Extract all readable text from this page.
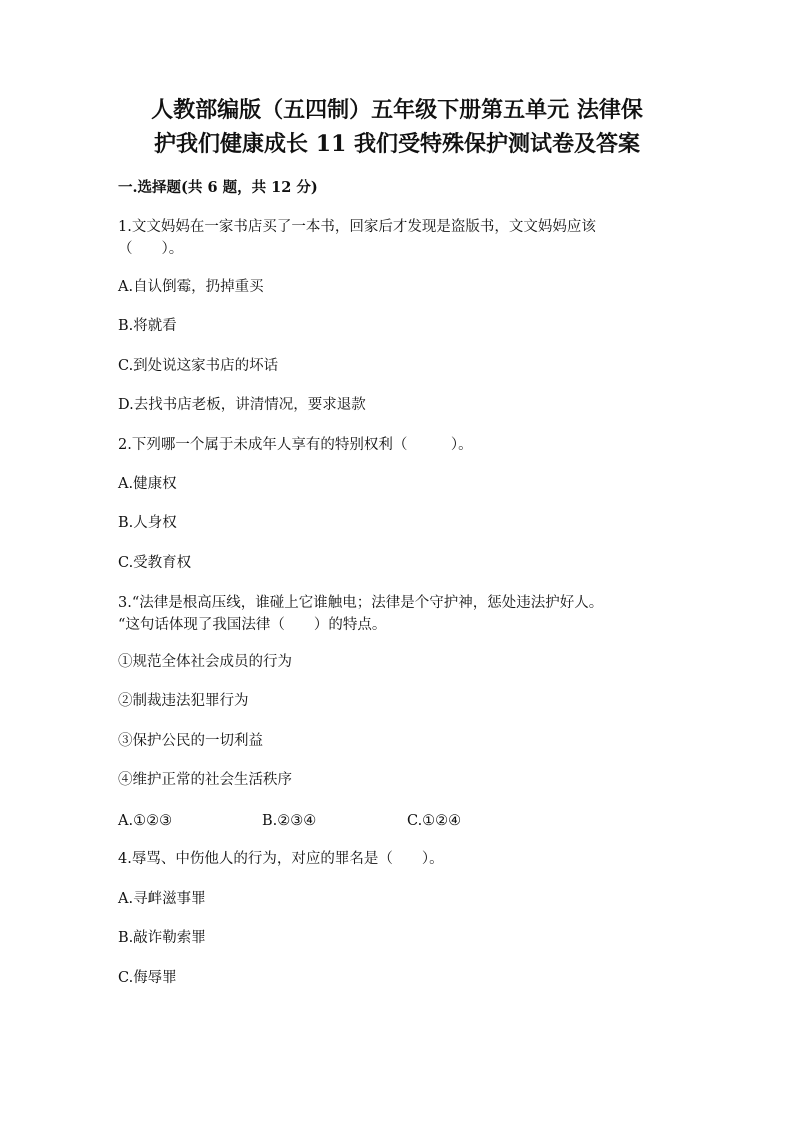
人教部编版（五四制）五年级下册第五单元 法律保
护我们健康成长 11 我们受特殊保护测试卷及答案

一.选择题(共 6 题，共 12 分)

1.文文妈妈在一家书店买了一本书，回家后才发现是盗版书，文文妈妈应该

（　　）。

A.自认倒霉，扔掉重买

B.将就看

C.到处说这家书店的坏话

D.去找书店老板，讲清情况，要求退款

2.下列哪一个属于未成年人享有的特别权利（　　　）。

A.健康权

B.人身权

C.受教育权

3.“法律是根高压线，谁碰上它谁触电；法律是个守护神，惩处违法护好人。

“这句话体现了我国法律（　　）的特点。

①规范全体社会成员的行为

②制裁违法犯罪行为

③保护公民的一切利益

④维护正常的社会生活秩序

A.①②③	B.②③④	C.①②④

4.辱骂、中伤他人的行为，对应的罪名是（　　）。

A.寻衅滋事罪

B.敲诈勒索罪

C.侮辱罪
